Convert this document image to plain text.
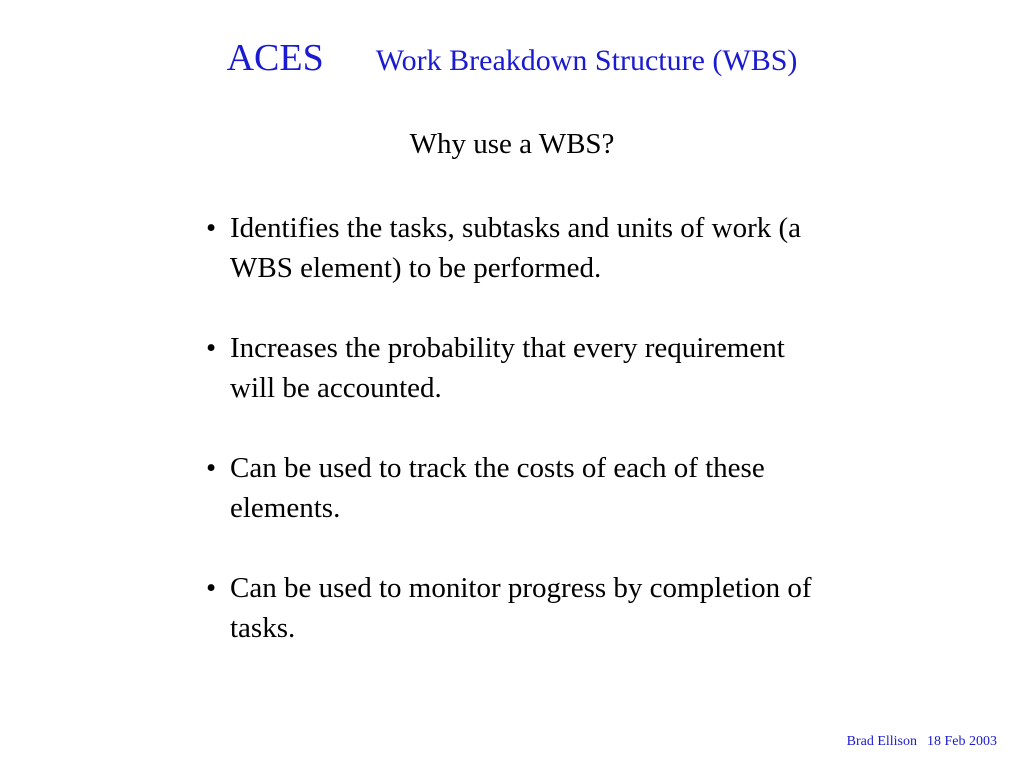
ACES Work Breakdown Structure (WBS)
Why use a WBS?
• Identifies the tasks, subtasks and units of work (a WBS element) to be performed.
• Increases the probability that every requirement will be accounted.
• Can be used to track the costs of each of these elements.
• Can be used to monitor progress by completion of tasks.
Brad Ellison 18 Feb 2003
